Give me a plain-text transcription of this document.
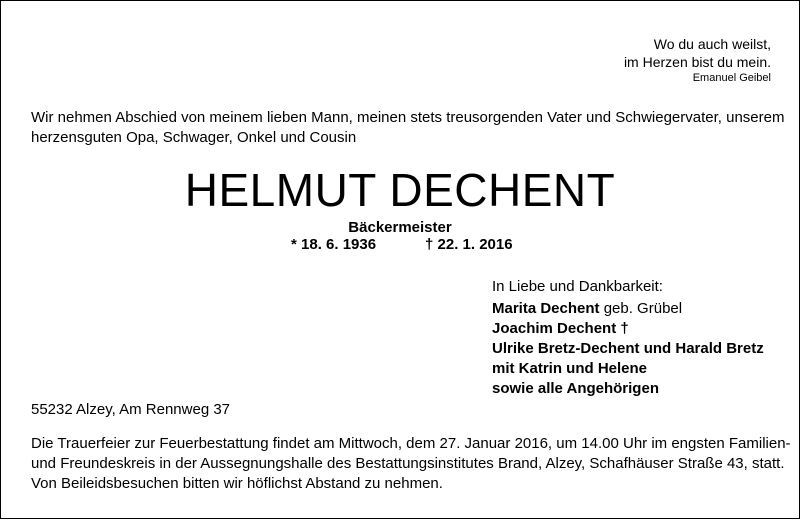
Wo du auch weilst,
im Herzen bist du mein.
Emanuel Geibel
Wir nehmen Abschied von meinem lieben Mann, meinen stets treusorgenden Vater und Schwiegervater, unserem
herzensguten Opa, Schwager, Onkel und Cousin
HELMUT DECHENT
Bäckermeister
* 18. 6. 1936	† 22. 1. 2016
In Liebe und Dankbarkeit:
Marita Dechent geb. Grübel
Joachim Dechent †
Ulrike Bretz-Dechent und Harald Bretz
mit Katrin und Helene
sowie alle Angehörigen
55232 Alzey, Am Rennweg 37
Die Trauerfeier zur Feuerbestattung findet am Mittwoch, dem 27. Januar 2016, um 14.00 Uhr im engsten Familien-
und Freundeskreis in der Aussegnungshalle des Bestattungsinstitutes Brand, Alzey, Schafhäuser Straße 43, statt.
Von Beileidsbesuchen bitten wir höflichst Abstand zu nehmen.
